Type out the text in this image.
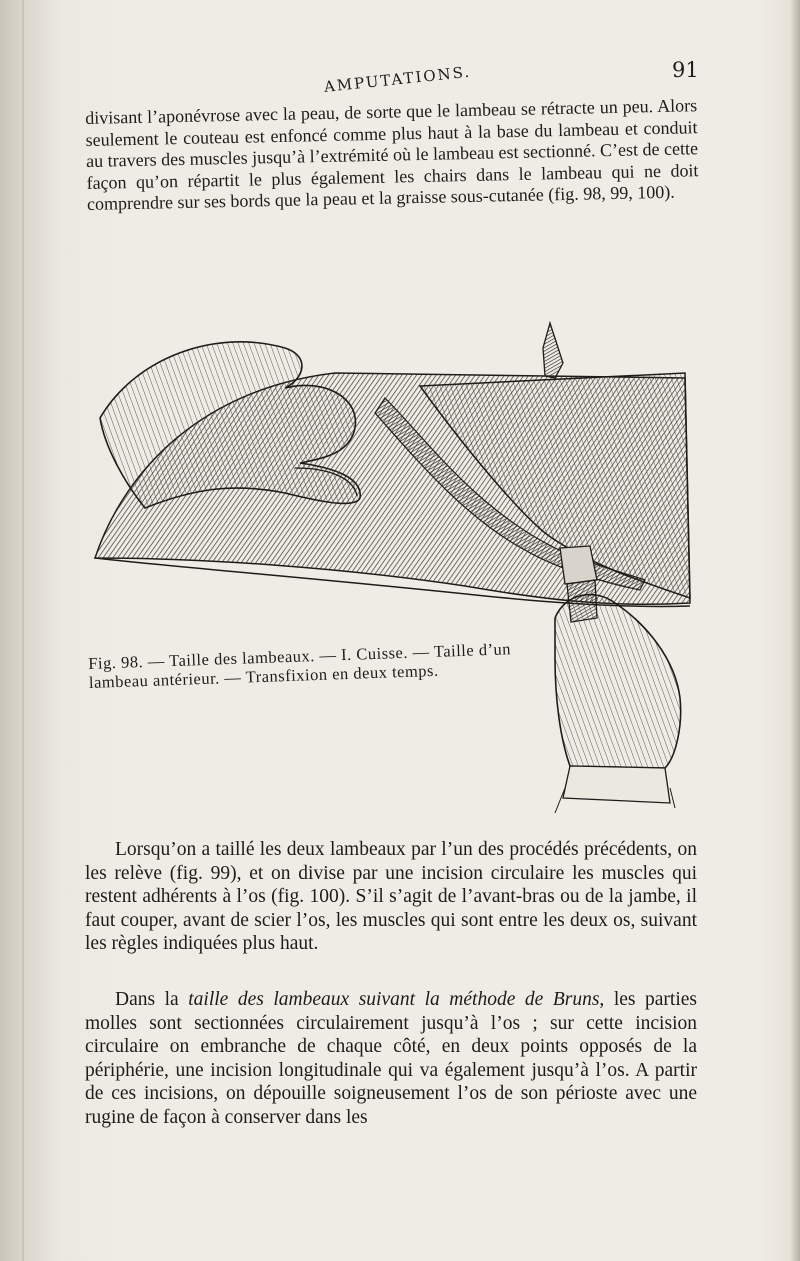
AMPUTATIONS.	91
divisant l’aponévrose avec la peau, de sorte que le lambeau se rétracte un peu. Alors seulement le couteau est enfoncé comme plus haut à la base du lambeau et conduit au travers des muscles jusqu’à l’extrémité où le lambeau est sectionné. C’est de cette façon qu’on répartit le plus également les chairs dans le lambeau qui ne doit comprendre sur ses bords que la peau et la graisse sous-cutanée (fig. 98, 99, 100).
Fig. 98. — Taille des lambeaux. — I. Cuisse. — Taille d’un lambeau antérieur. — Transfixion en deux temps.
Lorsqu’on a taillé les deux lambeaux par l’un des procédés précédents, on les relève (fig. 99), et on divise par une incision circulaire les muscles qui restent adhérents à l’os (fig. 100). S’il s’agit de l’avant-bras ou de la jambe, il faut couper, avant de scier l’os, les muscles qui sont entre les deux os, suivant les règles indiquées plus haut.
Dans la taille des lambeaux suivant la méthode de Bruns, les parties molles sont sectionnées circulairement jusqu’à l’os ; sur cette incision circulaire on embranche de chaque côté, en deux points opposés de la périphérie, une incision longitudinale qui va également jusqu’à l’os. A partir de ces incisions, on dépouille soigneusement l’os de son périoste avec une rugine de façon à conserver dans les
